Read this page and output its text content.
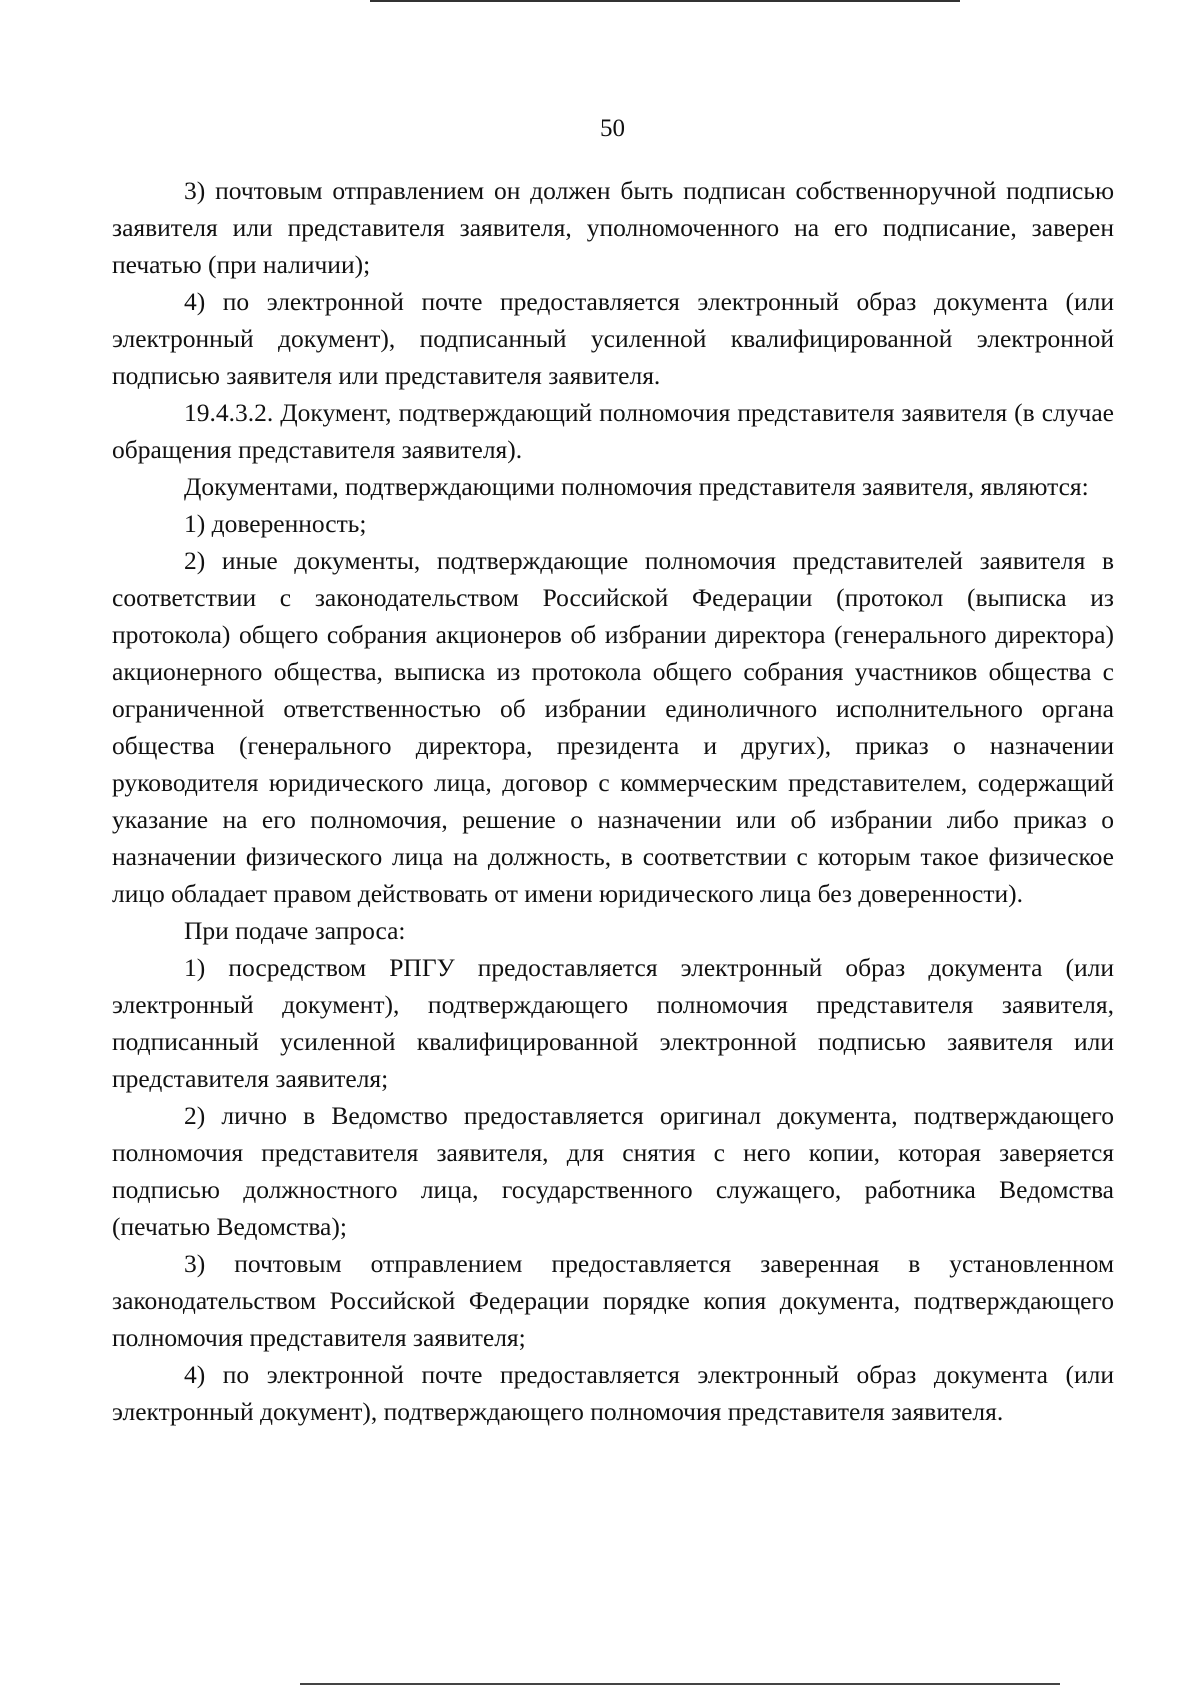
50

3) почтовым отправлением он должен быть подписан собственноручной подписью заявителя или представителя заявителя, уполномоченного на его подписание, заверен печатью (при наличии);

4) по электронной почте предоставляется электронный образ документа (или электронный документ), подписанный усиленной квалифицированной электронной подписью заявителя или представителя заявителя.

19.4.3.2. Документ, подтверждающий полномочия представителя заявителя (в случае обращения представителя заявителя).

Документами, подтверждающими полномочия представителя заявителя, являются:

1) доверенность;

2) иные документы, подтверждающие полномочия представителей заявителя в соответствии с законодательством Российской Федерации (протокол (выписка из протокола) общего собрания акционеров об избрании директора (генерального директора) акционерного общества, выписка из протокола общего собрания участников общества с ограниченной ответственностью об избрании единоличного исполнительного органа общества (генерального директора, президента и других), приказ о назначении руководителя юридического лица, договор с коммерческим представителем, содержащий указание на его полномочия, решение о назначении или об избрании либо приказ о назначении физического лица на должность, в соответствии с которым такое физическое лицо обладает правом действовать от имени юридического лица без доверенности).

При подаче запроса:

1) посредством РПГУ предоставляется электронный образ документа (или электронный документ), подтверждающего полномочия представителя заявителя, подписанный усиленной квалифицированной электронной подписью заявителя или представителя заявителя;

2) лично в Ведомство предоставляется оригинал документа, подтверждающего полномочия представителя заявителя, для снятия с него копии, которая заверяется подписью должностного лица, государственного служащего, работника Ведомства (печатью Ведомства);

3) почтовым отправлением предоставляется заверенная в установленном законодательством Российской Федерации порядке копия документа, подтверждающего полномочия представителя заявителя;

4) по электронной почте предоставляется электронный образ документа (или электронный документ), подтверждающего полномочия представителя заявителя.
